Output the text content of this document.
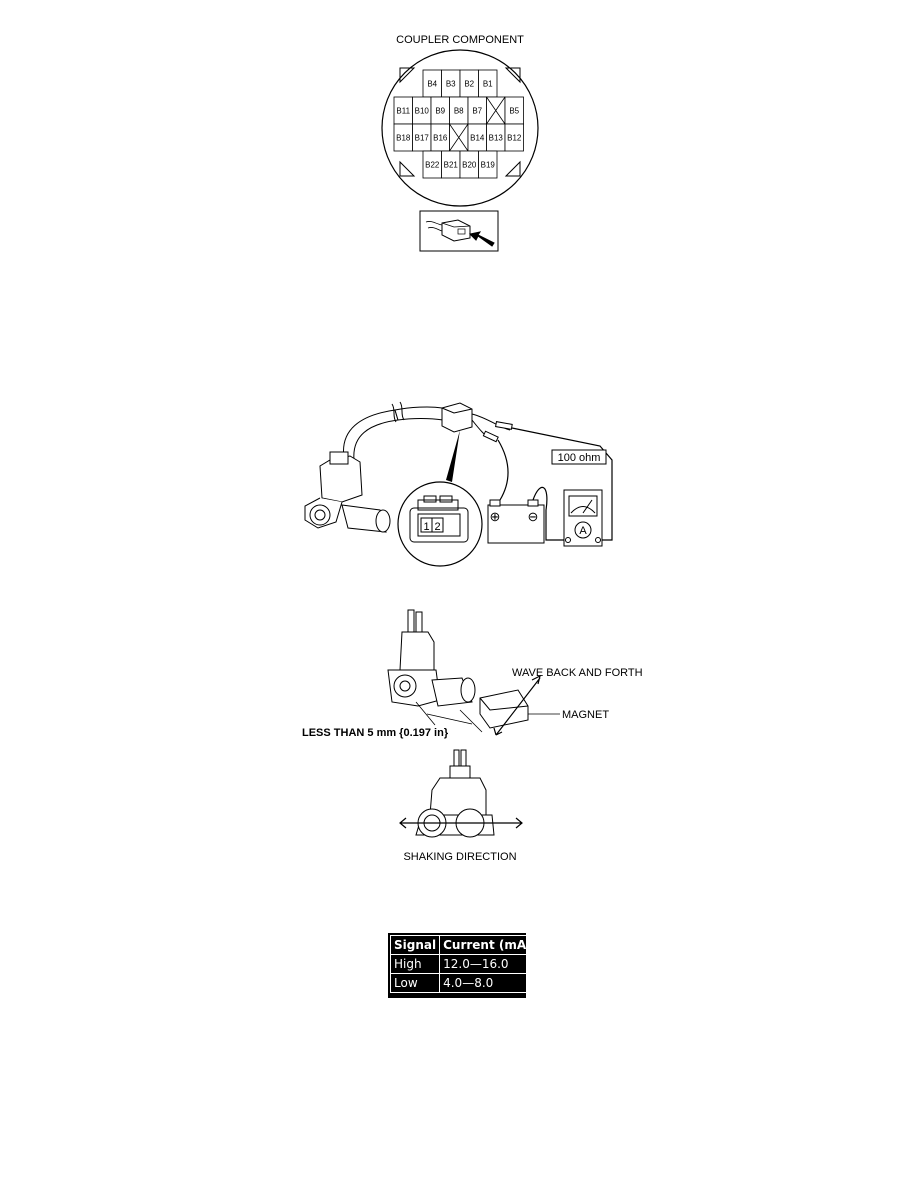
COUPLER COMPONENT
B4 B3 B2 B1
B11 B10 B9 B8 B7	B5
B18 B17 B16	B14 B13 B12
B22 B21 B20 B19
100 ohm
1 2
⊕ ⊖
A
LESS THAN 5 mm {0.197 in}
WAVE BACK AND FORTH
MAGNET
SHAKING DIRECTION
Signal	Current (mA)
High	12.0—16.0
Low	4.0—8.0
